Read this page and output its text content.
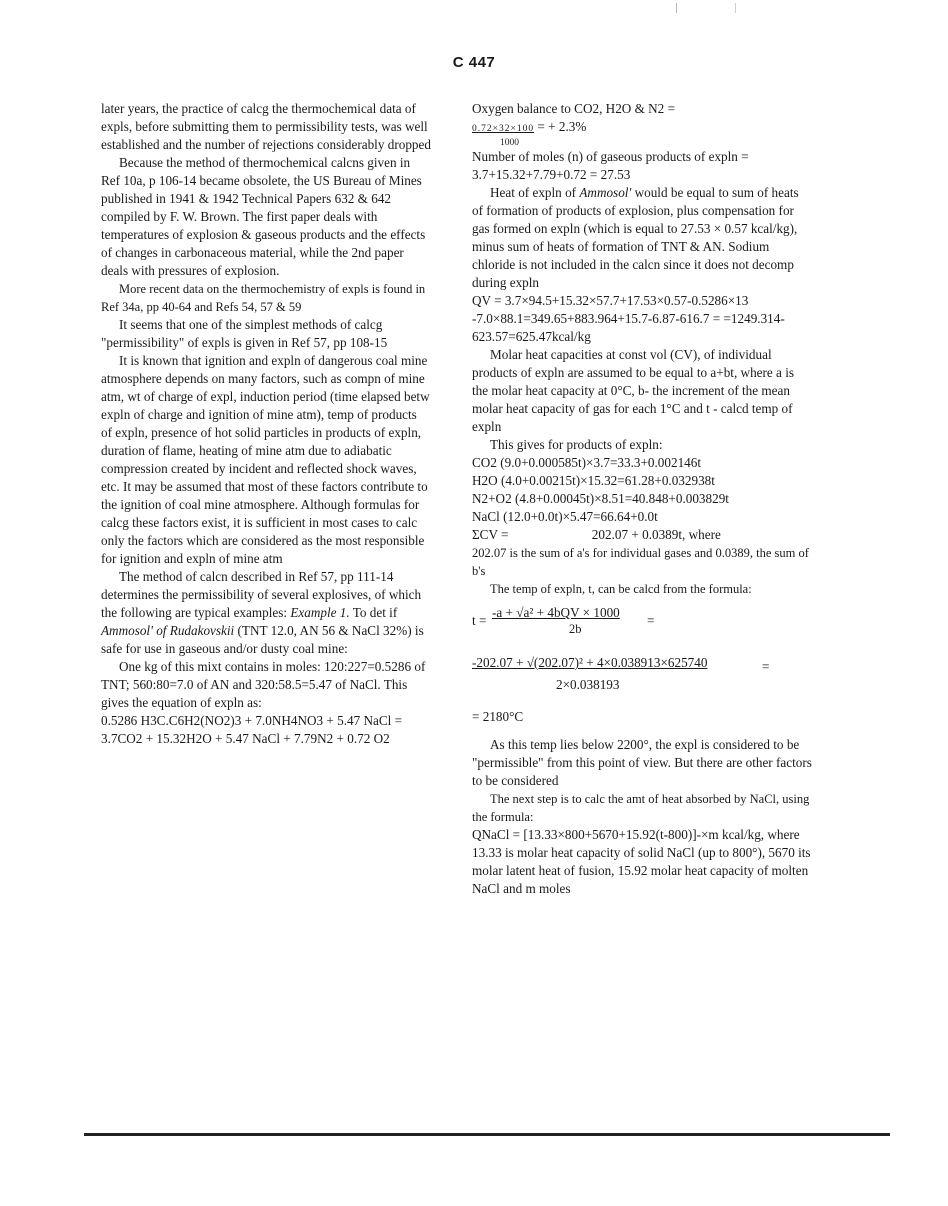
C 447

later years, the practice of calcg the thermochemical data of expls, before submitting them to permissibility tests, was well established and the number of rejections considerably dropped

Because the method of thermochemical calcns given in Ref 10a, p 106-14 became obsolete, the US Bureau of Mines published in 1941 & 1942 Technical Papers 632 & 642 compiled by F. W. Brown. The first paper deals with temperatures of explosion & gaseous products and the effects of changes in carbonaceous material, while the 2nd paper deals with pressures of explosion.

More recent data on the thermochemistry of expls is found in Ref 34a, pp 40-64 and Refs 54, 57 & 59

It seems that one of the simplest methods of calcg "permissibility" of expls is given in Ref 57, pp 108-15

It is known that ignition and expln of dangerous coal mine atmosphere depends on many factors, such as compn of mine atm, wt of charge of expl, induction period (time elapsed betw expln of charge and ignition of mine atm), temp of products of expln, presence of hot solid particles in products of expln, duration of flame, heating of mine atm due to adiabatic compression created by incident and reflected shock waves, etc. It may be assumed that most of these factors contribute to the ignition of coal mine atmosphere. Although formulas for calcg these factors exist, it is sufficient in most cases to calc only the factors which are considered as the most responsible for ignition and expln of mine atm

The method of calcn described in Ref 57, pp 111-14 determines the permissibility of several explosives, of which the following are typical examples: Example 1. To det if Ammosol' of Rudakovskii (TNT 12.0, AN 56 & NaCl 32%) is safe for use in gaseous and/or dusty coal mine:

One kg of this mixt contains in moles: 120:227=0.5286 of TNT; 560:80=7.0 of AN and 320:58.5=5.47 of NaCl. This gives the equation of expln as:

0.5286 H3C.C6H2(NO2)3 + 7.0NH4NO3 + 5.47 NaCl = 3.7CO2 + 15.32H2O + 5.47 NaCl + 7.79N2 + 0.72 O2

Oxygen balance to CO2, H2O & N2 =

0.72×32×100 = + 2.3%
1000

Number of moles (n) of gaseous products of expln = 3.7+15.32+7.79+0.72 = 27.53

Heat of expln of Ammosol' would be equal to sum of heats of formation of products of explosion, plus compensation for gas formed on expln (which is equal to 27.53 × 0.57 kcal/kg), minus sum of heats of formation of TNT & AN. Sodium chloride is not included in the calcn since it does not decomp during expln

QV = 3.7×94.5+15.32×57.7+17.53×0.57-0.5286×13 -7.0×88.1=349.65+883.964+15.7-6.87-616.7 = =1249.314-623.57=625.47kcal/kg

Molar heat capacities at const vol (CV), of individual products of expln are assumed to be equal to a+bt, where a is the molar heat capacity at 0°C, b- the increment of the mean molar heat capacity of gas for each 1°C and t - calcd temp of expln

This gives for products of expln:

CO2 (9.0+0.000585t)×3.7=33.3+0.002146t

H2O (4.0+0.00215t)×15.32=61.28+0.032938t

N2+O2 (4.8+0.00045t)×8.51=40.848+0.003829t

NaCl (12.0+0.0t)×5.47=66.64+0.0t

ΣCV =	202.07 + 0.0389t, where

202.07 is the sum of a's for individual gases and 0.0389, the sum of b's

The temp of expln, t, can be calcd from the formula:

t =
-a + √a² + 4bQV × 1000
2b
=
-202.07 + √(202.07)² + 4×0.038913×625740
2×0.038193
=

= 2180°C

As this temp lies below 2200°, the expl is considered to be "permissible" from this point of view. But there are other factors to be considered

The next step is to calc the amt of heat absorbed by NaCl, using the formula:

QNaCl = [13.33×800+5670+15.92(t-800)]-×m kcal/kg, where 13.33 is molar heat capacity of solid NaCl (up to 800°), 5670 its molar latent heat of fusion, 15.92 molar heat capacity of molten NaCl and m moles
